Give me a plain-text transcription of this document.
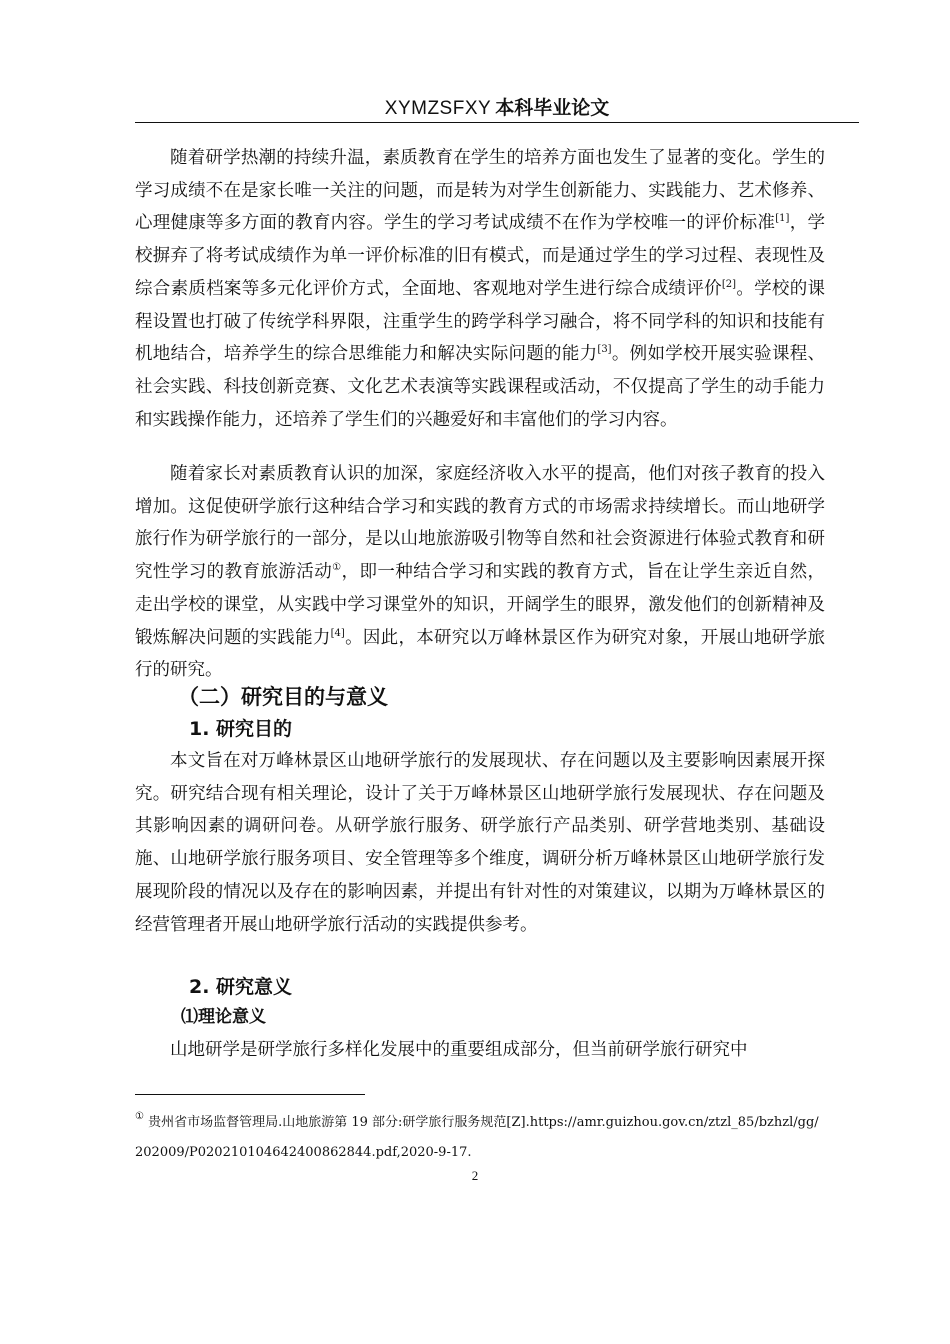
XYMZSFXY 本科毕业论文

随着研学热潮的持续升温，素质教育在学生的培养方面也发生了显著的变化。学生的学习成绩不在是家长唯一关注的问题，而是转为对学生创新能力、实践能力、艺术修养、心理健康等多方面的教育内容。学生的学习考试成绩不在作为学校唯一的评价标准[1]，学校摒弃了将考试成绩作为单一评价标准的旧有模式，而是通过学生的学习过程、表现性及综合素质档案等多元化评价方式，全面地、客观地对学生进行综合成绩评价[2]。学校的课程设置也打破了传统学科界限，注重学生的跨学科学习融合，将不同学科的知识和技能有机地结合，培养学生的综合思维能力和解决实际问题的能力[3]。例如学校开展实验课程、社会实践、科技创新竞赛、文化艺术表演等实践课程或活动，不仅提高了学生的动手能力和实践操作能力，还培养了学生们的兴趣爱好和丰富他们的学习内容。

随着家长对素质教育认识的加深，家庭经济收入水平的提高，他们对孩子教育的投入增加。这促使研学旅行这种结合学习和实践的教育方式的市场需求持续增长。而山地研学旅行作为研学旅行的一部分，是以山地旅游吸引物等自然和社会资源进行体验式教育和研究性学习的教育旅游活动①，即一种结合学习和实践的教育方式，旨在让学生亲近自然，走出学校的课堂，从实践中学习课堂外的知识，开阔学生的眼界，激发他们的创新精神及锻炼解决问题的实践能力[4]。因此，本研究以万峰林景区作为研究对象，开展山地研学旅行的研究。

（二）研究目的与意义
1. 研究目的

本文旨在对万峰林景区山地研学旅行的发展现状、存在问题以及主要影响因素展开探究。研究结合现有相关理论，设计了关于万峰林景区山地研学旅行发展现状、存在问题及其影响因素的调研问卷。从研学旅行服务、研学旅行产品类别、研学营地类别、基础设施、山地研学旅行服务项目、安全管理等多个维度，调研分析万峰林景区山地研学旅行发展现阶段的情况以及存在的影响因素，并提出有针对性的对策建议，以期为万峰林景区的经营管理者开展山地研学旅行活动的实践提供参考。

2. 研究意义
⑴理论意义

山地研学是研学旅行多样化发展中的重要组成部分，但当前研学旅行研究中

① 贵州省市场监督管理局.山地旅游第 19 部分:研学旅行服务规范[Z].https://amr.guizhou.gov.cn/ztzl_85/bzhzl/gg/202009/P020210104642400862844.pdf,2020-9-17.

2
